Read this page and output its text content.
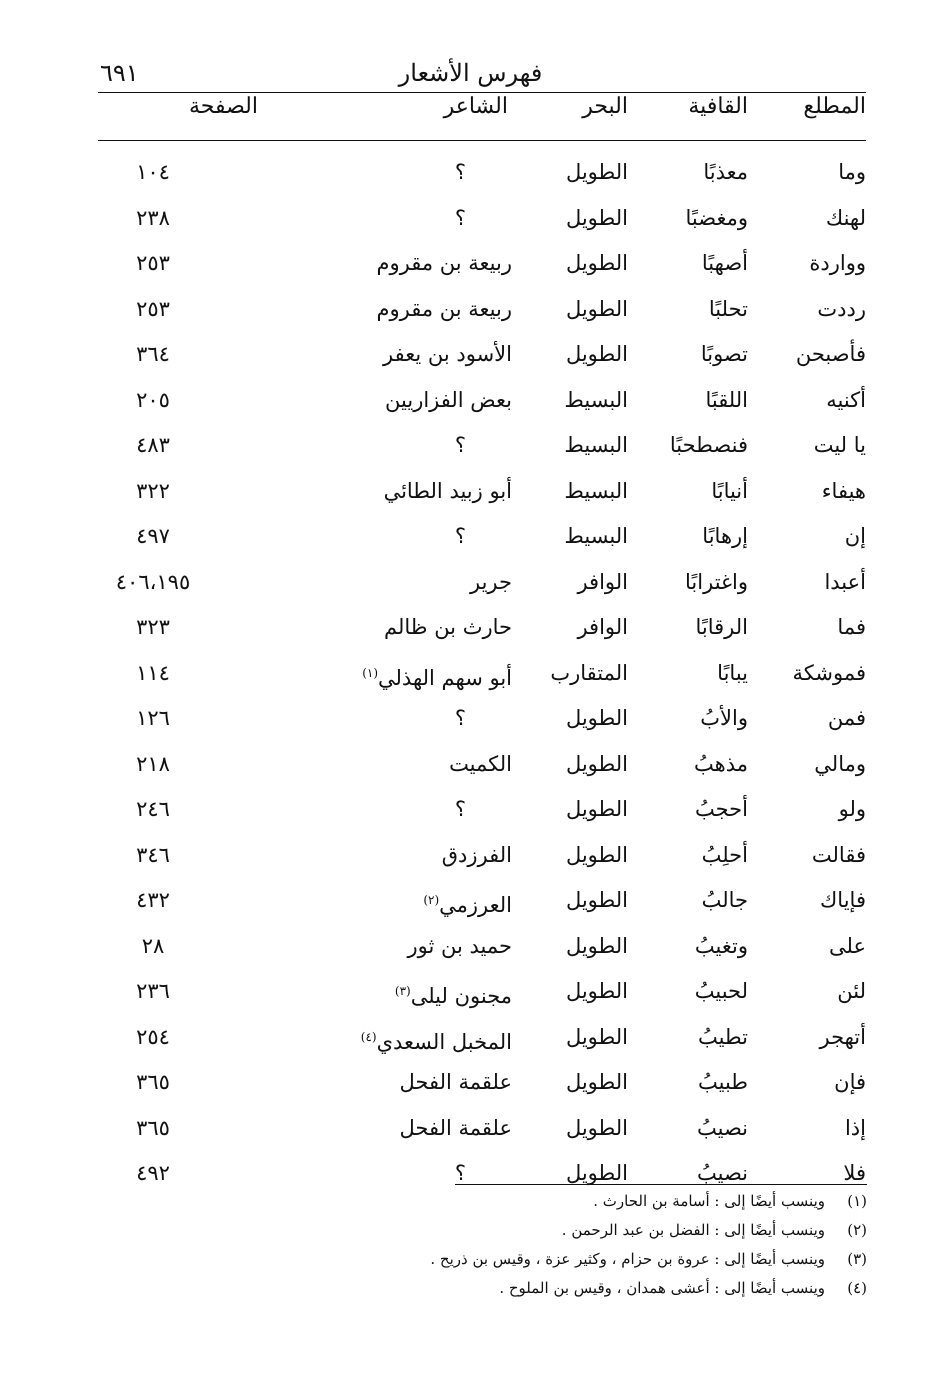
فهرس الأشعار
٦٩١
المطلع
القافية
البحر
الشاعر
الصفحة
وما
معذبًا
الطويل
؟
١٠٤
لهنك
ومغضبًا
الطويل
؟
٢٣٨
وواردة
أصهبًا
الطويل
ربيعة بن مقروم
٢٥٣
رددت
تحلبًا
الطويل
ربيعة بن مقروم
٢٥٣
فأصبحن
تصوبًا
الطويل
الأسود بن يعفر
٣٦٤
أكنيه
اللقبًا
البسيط
بعض الفزاريين
٢٠٥
يا ليت
فنصطحبًا
البسيط
؟
٤٨٣
هيفاء
أنيابًا
البسيط
أبو زبيد الطائي
٣٢٢
إن
إرهابًا
البسيط
؟
٤٩٧
أعبدا
واغترابًا
الوافر
جرير
٤٠٦،١٩٥
فما
الرقابًا
الوافر
حارث بن ظالم
٣٢٣
فموشكة
يبابًا
المتقارب
أبو سهم الهذلي$^{(١)}$
١١٤
فمن
والأبُ
الطويل
؟
١٢٦
ومالي
مذهبُ
الطويل
الكميت
٢١٨
ولو
أحجبُ
الطويل
؟
٢٤٦
فقالت
أحلِبُ
الطويل
الفرزدق
٣٤٦
فإياك
جالبُ
الطويل
العرزمي$^{(٢)}$
٤٣٢
على
وتغيبُ
الطويل
حميد بن ثور
٢٨
لئن
لحبيبُ
الطويل
مجنون ليلى$^{(٣)}$
٢٣٦
أتهجر
تطيبُ
الطويل
المخبل السعدي$^{(٤)}$
٢٥٤
فإن
طبيبُ
الطويل
علقمة الفحل
٣٦٥
إذا
نصيبُ
الطويل
علقمة الفحل
٣٦٥
فلا
نصيبُ
الطويل
؟
٤٩٢
(١)وينسب أيضًا إلى : أسامة بن الحارث .
(٢)وينسب أيضًا إلى : الفضل بن عبد الرحمن .
(٣)وينسب أيضًا إلى : عروة بن حزام ، وكثير عزة ، وقيس بن ذريح .
(٤)وينسب أيضًا إلى : أعشى همدان ، وقيس بن الملوح .
